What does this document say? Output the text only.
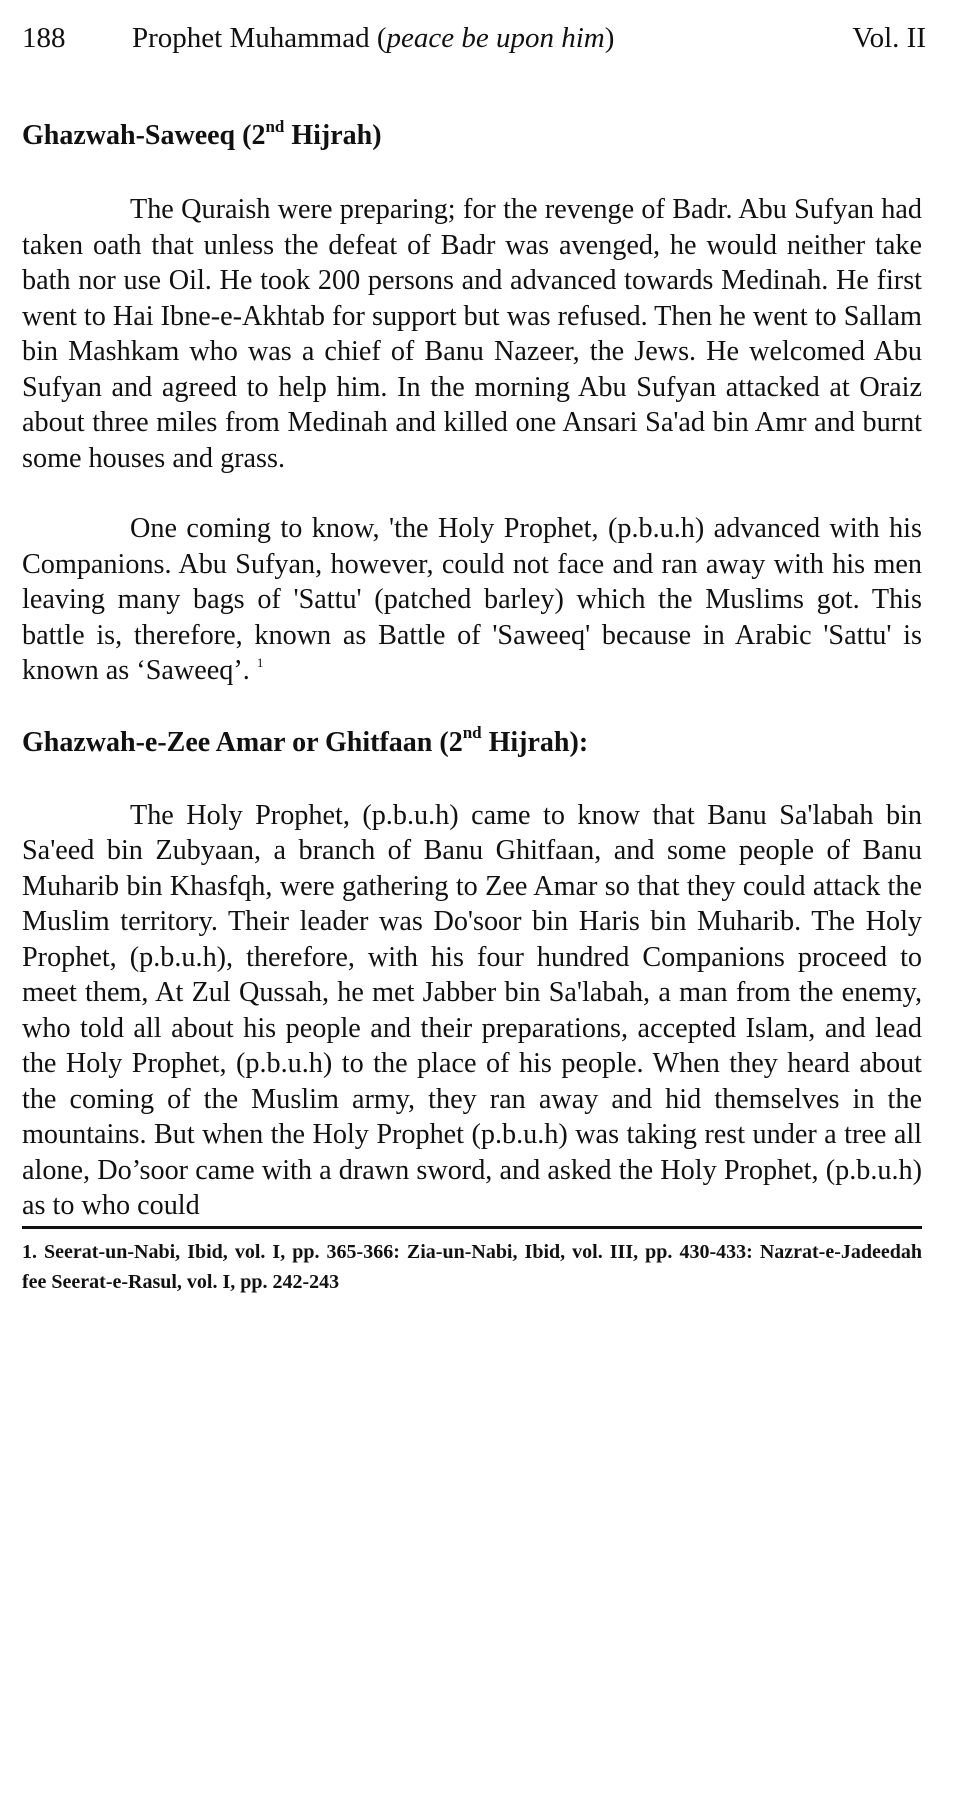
188 Prophet Muhammad (peace be upon him)	Vol. II
Ghazwah-Saweeq (2nd Hijrah)

The Quraish were preparing; for the revenge of Badr. Abu Sufyan had taken oath that unless the defeat of Badr was avenged, he would neither take bath nor use Oil. He took 200 persons and advanced towards Medinah. He first went to Hai Ibne-e-Akhtab for support but was refused. Then he went to Sallam bin Mashkam who was a chief of Banu Nazeer, the Jews. He welcomed Abu Sufyan and agreed to help him. In the morning Abu Sufyan attacked at Oraiz about three miles from Medinah and killed one Ansari Sa'ad bin Amr and burnt some houses and grass.

One coming to know, 'the Holy Prophet, (p.b.u.h) advanced with his Companions. Abu Sufyan, however, could not face and ran away with his men leaving many bags of 'Sattu' (patched barley) which the Muslims got. This battle is, therefore, known as Battle of 'Saweeq' because in Arabic 'Sattu' is known as ‘Saweeq’. $^1$

Ghazwah-e-Zee Amar or Ghitfaan (2nd Hijrah):

The Holy Prophet, (p.b.u.h) came to know that Banu Sa'labah bin Sa'eed bin Zubyaan, a branch of Banu Ghitfaan, and some people of Banu Muharib bin Khasfqh, were gathering to Zee Amar so that they could attack the Muslim territory. Their leader was Do'soor bin Haris bin Muharib. The Holy Prophet, (p.b.u.h), therefore, with his four hundred Companions proceed to meet them, At Zul Qussah, he met Jabber bin Sa'labah, a man from the enemy, who told all about his people and their preparations, accepted Islam, and lead the Holy Prophet, (p.b.u.h) to the place of his people. When they heard about the coming of the Muslim army, they ran away and hid themselves in the mountains. But when the Holy Prophet (p.b.u.h) was taking rest under a tree all alone, Do’soor came with a drawn sword, and asked the Holy Prophet, (p.b.u.h) as to who could

1. Seerat-un-Nabi, Ibid, vol. I, pp. 365-366: Zia-un-Nabi, Ibid, vol. III, pp. 430-433: Nazrat-e-Jadeedah fee Seerat-e-Rasul, vol. I, pp. 242-243
